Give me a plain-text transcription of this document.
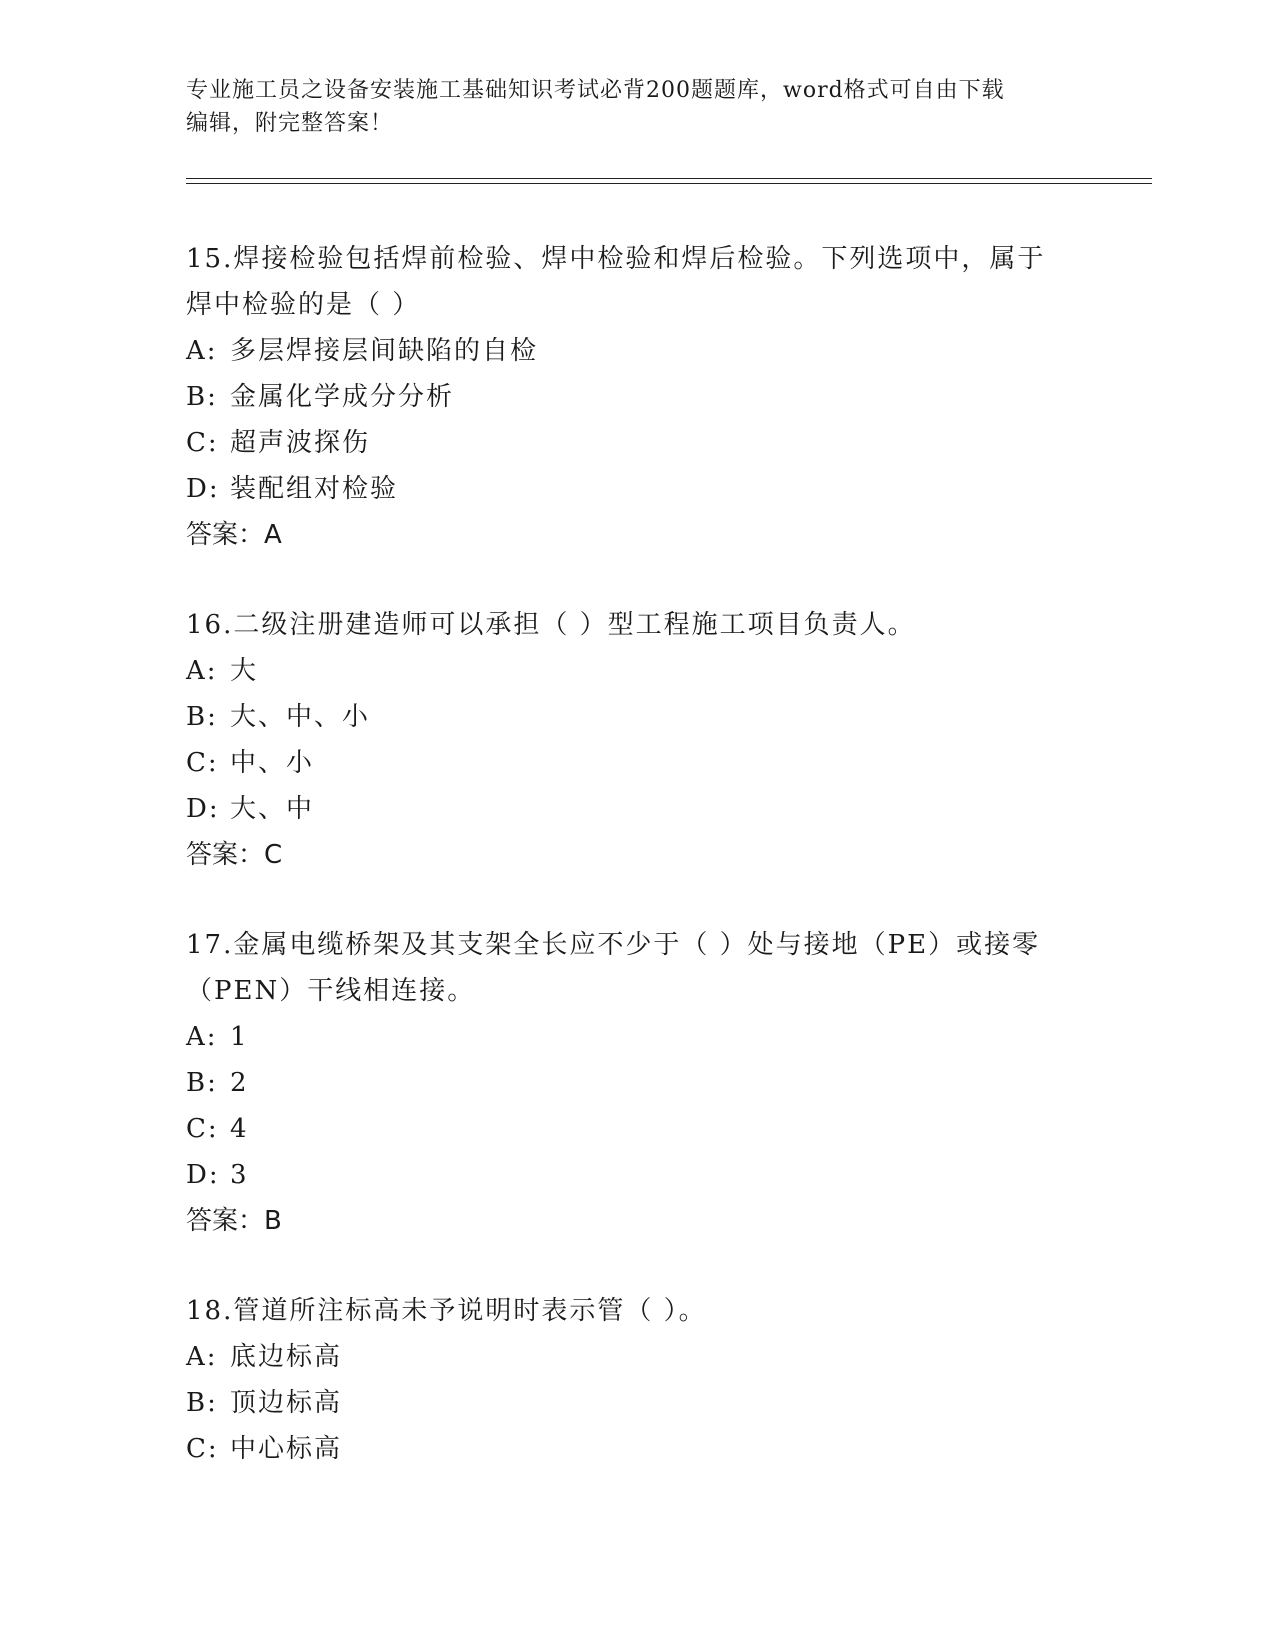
专业施工员之设备安装施工基础知识考试必背200题题库，word格式可自由下载
编辑，附完整答案！
15.焊接检验包括焊前检验、焊中检验和焊后检验。下列选项中，属于
焊中检验的是（ ）
A: 多层焊接层间缺陷的自检
B: 金属化学成分分析
C: 超声波探伤
D: 装配组对检验
答案：A
16.二级注册建造师可以承担（ ）型工程施工项目负责人。
A: 大
B: 大、中、小
C: 中、小
D: 大、中
答案：C
17.金属电缆桥架及其支架全长应不少于（ ）处与接地（PE）或接零
（PEN）干线相连接。
A: 1
B: 2
C: 4
D: 3
答案：B
18.管道所注标高未予说明时表示管（ ）。
A: 底边标高
B: 顶边标高
C: 中心标高
